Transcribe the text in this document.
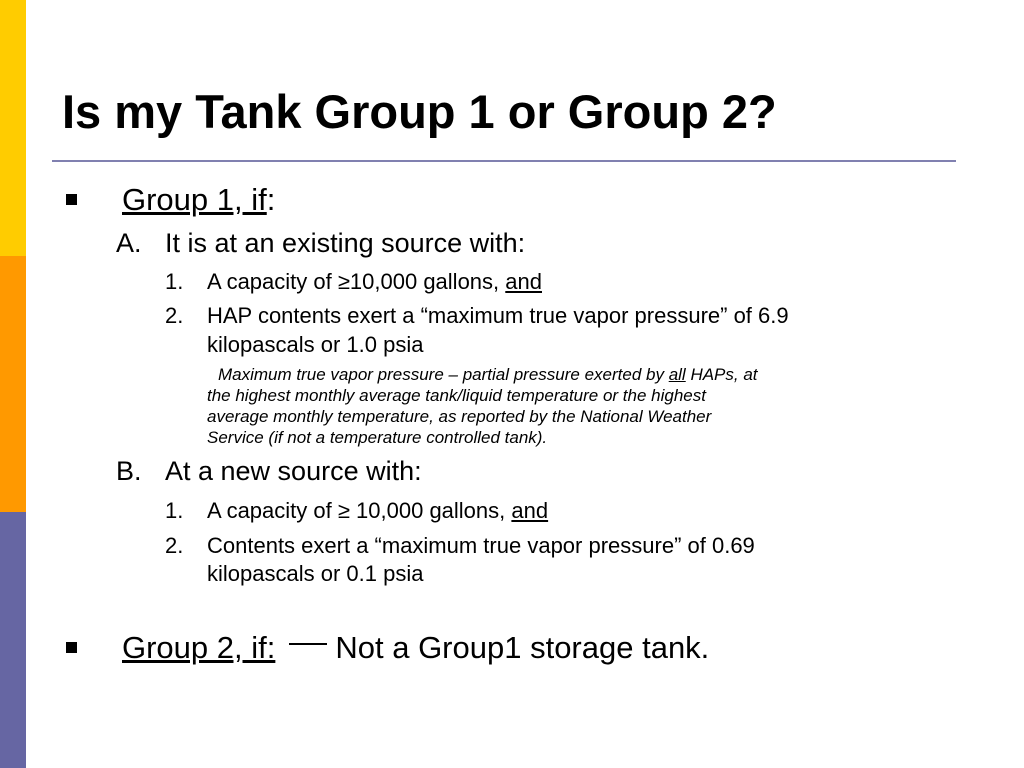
Is my Tank Group 1 or Group 2?
Group 1, if:
A. It is at an existing source with:
1. A capacity of ≥10,000 gallons, and
2. HAP contents exert a “maximum true vapor pressure” of 6.9
kilopascals or 1.0 psia
Maximum true vapor pressure – partial pressure exerted by all HAPs, at
the highest monthly average tank/liquid temperature or the highest
average monthly temperature, as reported by the National Weather
Service (if not a temperature controlled tank).
B. At a new source with:
1. A capacity of ≥ 10,000 gallons, and
2. Contents exert a “maximum true vapor pressure” of 0.69
kilopascals or 0.1 psia
Group 2, if: Not a Group1 storage tank.
